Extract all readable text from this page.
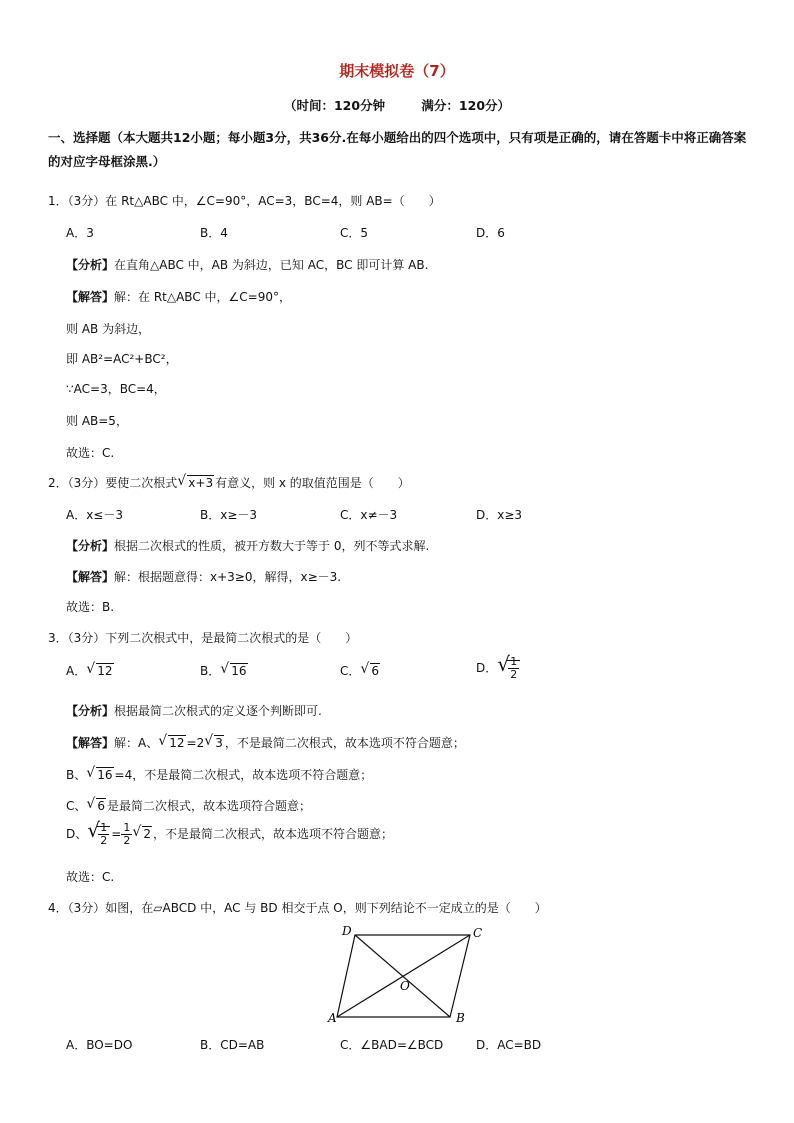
期末模拟卷（7）
（时间：120分钟	满分：120分）
一、选择题（本大题共12小题；每小题3分，共36分.在每小题给出的四个选项中，只有项是正确的，请在答题卡中将正确答案的对应字母框涂黑.）
1．（3分）在 Rt△ABC 中，∠C=90°，AC=3，BC=4，则 AB=（　　）
A．3	B．4	C．5	D．6
【分析】在直角△ABC 中，AB 为斜边，已知 AC，BC 即可计算 AB.
【解答】解：在 Rt△ABC 中，∠C=90°，
则 AB 为斜边，
即 AB²=AC²+BC²，
∵AC=3，BC=4，
则 AB=5，
故选：C.
2．（3分）要使二次根式 √ x+3 有意义，则 x 的取值范围是（　　）
A．x≤－3	B．x≥－3	C．x≠－3	D．x≥3
【分析】根据二次根式的性质，被开方数大于等于 0，列不等式求解.
【解答】解：根据题意得：x+3≥0，解得，x≥－3.
故选：B.
3．（3分）下列二次根式中，是最简二次根式的是（　　）
A． √ 12	B． √ 16	C． √ 6	D． √
$\frac{1}{2}$
【分析】根据最简二次根式的定义逐个判断即可.
【解答】解：A、 √ 12 =2 √ 3 ，不是最简二次根式，故本选项不符合题意；
B、 √ 16 =4，不是最简二次根式，故本选项不符合题意；
C、 √ 6 是最简二次根式，故本选项符合题意；
D、 √
$\frac{1}{2} = \frac{1}{2}$ √ 2 ，不是最简二次根式，故本选项不符合题意；
故选：C.
4．（3分）如图，在▱ABCD 中，AC 与 BD 相交于点 O，则下列结论不一定成立的是（　　）
D	C
A	B
O
A．BO=DO	B．CD=AB	C．∠BAD=∠BCD	D．AC=BD
